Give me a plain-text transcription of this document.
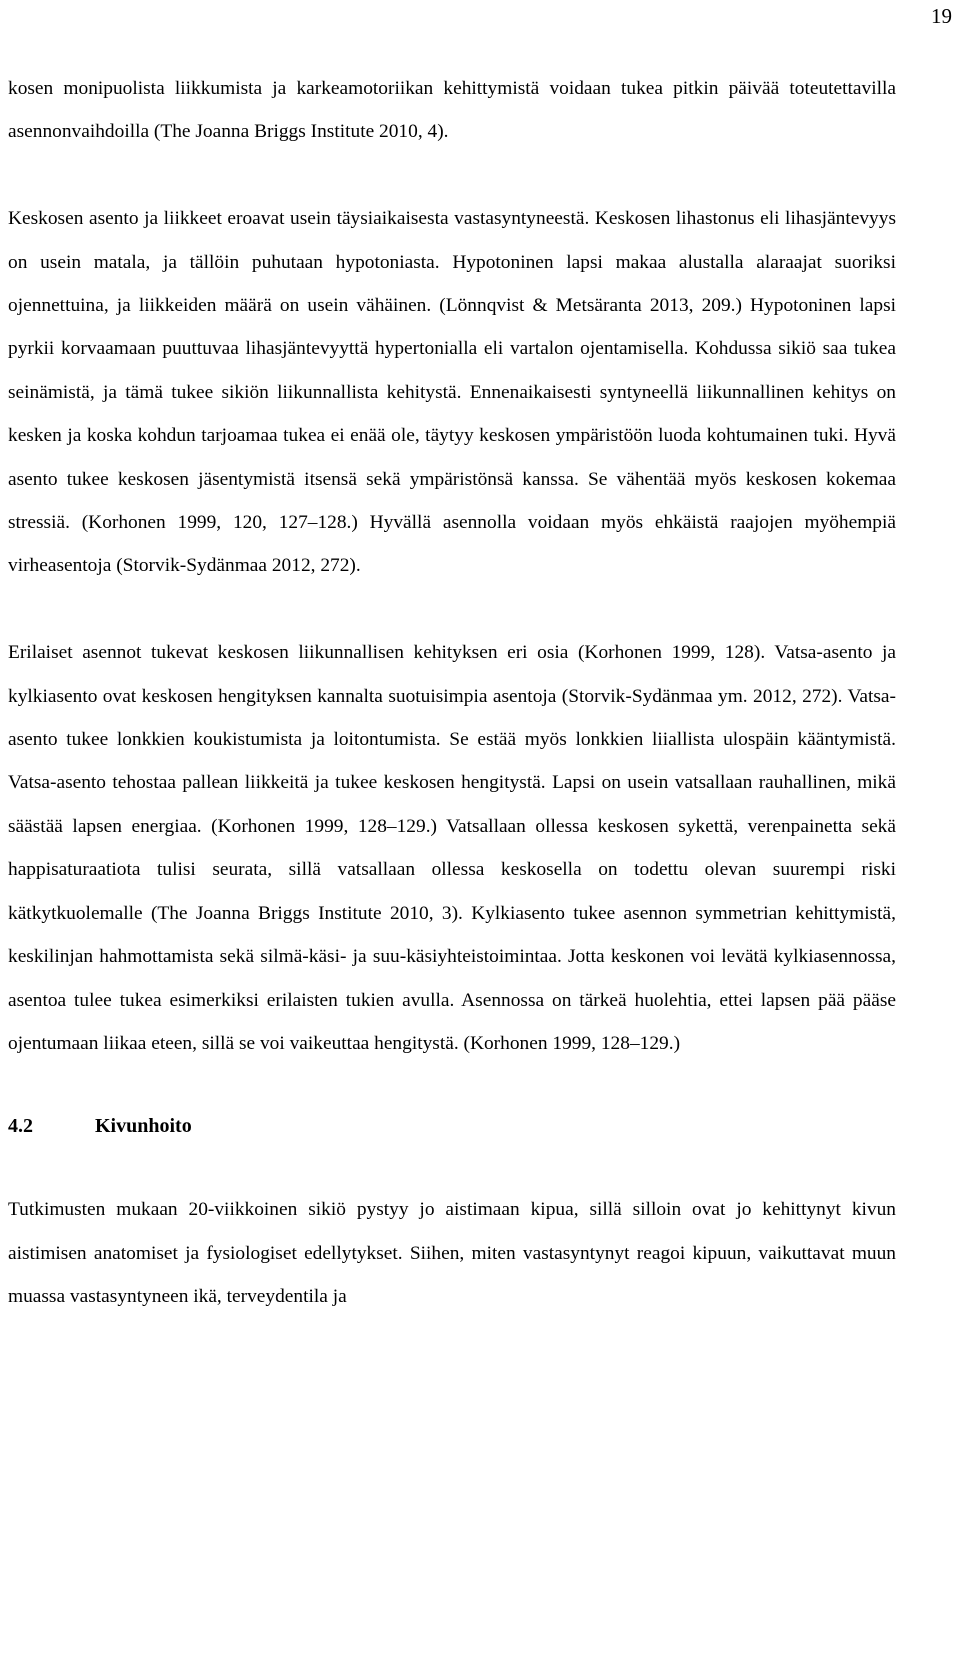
19

kosen monipuolista liikkumista ja karkeamotoriikan kehittymistä voidaan tukea pitkin päivää toteutettavilla asennonvaihdoilla (The Joanna Briggs Institute 2010, 4).

Keskosen asento ja liikkeet eroavat usein täysiaikaisesta vastasyntyneestä. Keskosen lihastonus eli lihasjäntevyys on usein matala, ja tällöin puhutaan hypotoniasta. Hypotoninen lapsi makaa alustalla alaraajat suoriksi ojennettuina, ja liikkeiden määrä on usein vähäinen. (Lönnqvist & Metsäranta 2013, 209.) Hypotoninen lapsi pyrkii korvaamaan puuttuvaa lihasjäntevyyttä hypertonialla eli vartalon ojentamisella. Kohdussa sikiö saa tukea seinämistä, ja tämä tukee sikiön liikunnallista kehitystä. Ennenaikaisesti syntyneellä liikunnallinen kehitys on kesken ja koska kohdun tarjoamaa tukea ei enää ole, täytyy keskosen ympäristöön luoda kohtumainen tuki. Hyvä asento tukee keskosen jäsentymistä itsensä sekä ympäristönsä kanssa. Se vähentää myös keskosen kokemaa stressiä. (Korhonen 1999, 120, 127–128.) Hyvällä asennolla voidaan myös ehkäistä raajojen myöhempiä virheasentoja (Storvik-Sydänmaa 2012, 272).

Erilaiset asennot tukevat keskosen liikunnallisen kehityksen eri osia (Korhonen 1999, 128). Vatsa-asento ja kylkiasento ovat keskosen hengityksen kannalta suotuisimpia asentoja (Storvik-Sydänmaa ym. 2012, 272). Vatsa-asento tukee lonkkien koukistumista ja loitontumista. Se estää myös lonkkien liiallista ulospäin kääntymistä. Vatsa-asento tehostaa pallean liikkeitä ja tukee keskosen hengitystä. Lapsi on usein vatsallaan rauhallinen, mikä säästää lapsen energiaa. (Korhonen 1999, 128–129.) Vatsallaan ollessa keskosen sykettä, verenpainetta sekä happisaturaatiota tulisi seurata, sillä vatsallaan ollessa keskosella on todettu olevan suurempi riski kätkytkuolemalle (The Joanna Briggs Institute 2010, 3). Kylkiasento tukee asennon symmetrian kehittymistä, keskilinjan hahmottamista sekä silmä-käsi- ja suu-käsiyhteistoimintaa. Jotta keskonen voi levätä kylkiasennossa, asentoa tulee tukea esimerkiksi erilaisten tukien avulla. Asennossa on tärkeä huolehtia, ettei lapsen pää pääse ojentumaan liikaa eteen, sillä se voi vaikeuttaa hengitystä. (Korhonen 1999, 128–129.)

4.2	Kivunhoito

Tutkimusten mukaan 20-viikkoinen sikiö pystyy jo aistimaan kipua, sillä silloin ovat jo kehittynyt kivun aistimisen anatomiset ja fysiologiset edellytykset. Siihen, miten vastasyntynyt reagoi kipuun, vaikuttavat muun muassa vastasyntyneen ikä, terveydentila ja
